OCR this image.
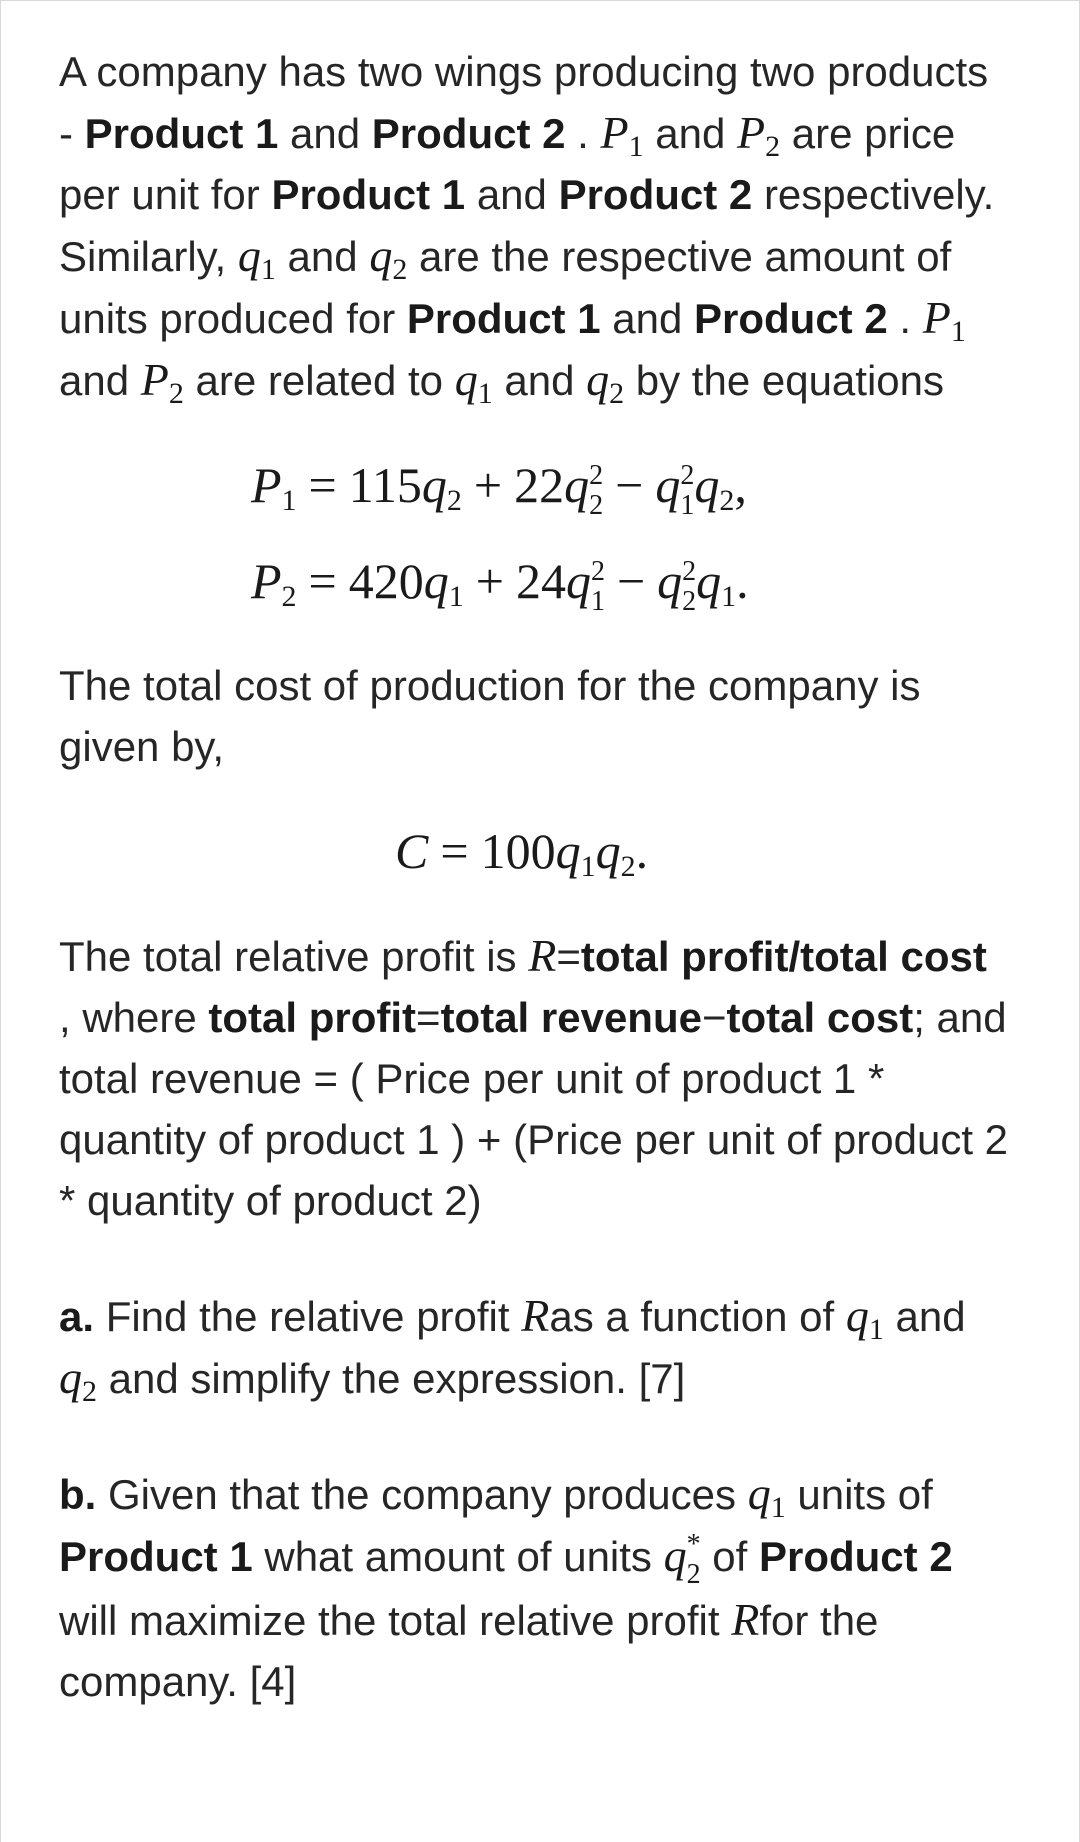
A company has two wings producing two products - Product 1 and Product 2 . $P_1$ and $P_2$ are price per unit for Product 1 and Product 2 respectively. Similarly, $q_1$ and $q_2$ are the respective amount of units produced for Product 1 and Product 2 . $P_1$ and $P_2$ are related to $q_1$ and $q_2$ by the equations

$P_1 = 115q_2 + 22q$ 2
2 − q 2
1 $q_2$,
$P_2 = 420q_1 + 24q$ 2
1 − q 2
2 $q_1$.

The total cost of production for the company is given by,

$C = 100q_1q_2$.

The total relative profit is R=total profit/total cost , where total profit=total revenue−total cost; and total revenue = ( Price per unit of product 1 * quantity of product 1 ) + (Price per unit of product 2 * quantity of product 2)

a. Find the relative profit Ras a function of $q_1$ and $q_2$ and simplify the expression. [7]

b. Given that the company produces $q_1$ units of Product 1 what amount of units q *
2 of Product 2 will maximize the total relative profit Rfor the company. [4]
